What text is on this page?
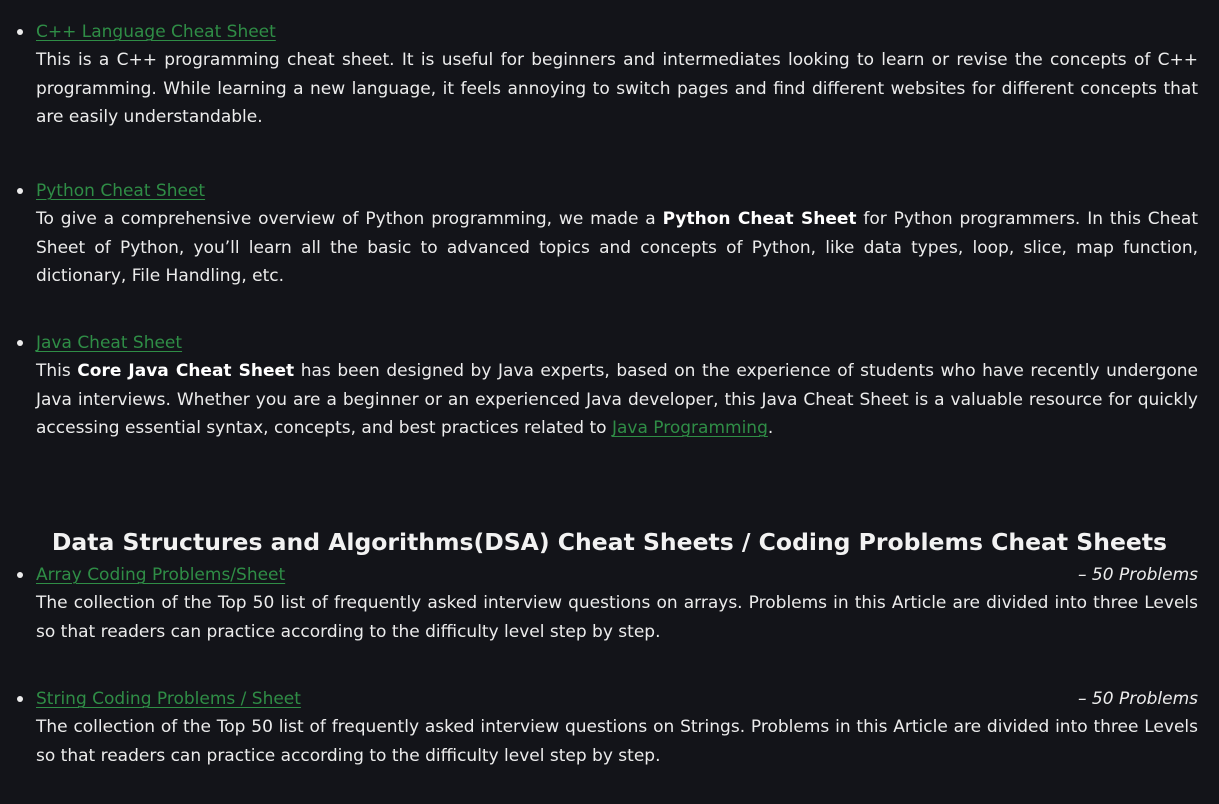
C++ Language Cheat Sheet

This is a C++ programming cheat sheet. It is useful for beginners and intermediates looking to learn or revise the concepts of C++ programming. While learning a new language, it feels annoying to switch pages and find different websites for different concepts that are easily understandable.

Python Cheat Sheet

To give a comprehensive overview of Python programming, we made a Python Cheat Sheet for Python programmers. In this Cheat Sheet of Python, you’ll learn all the basic to advanced topics and concepts of Python, like data types, loop, slice, map function, dictionary, File Handling, etc.

Java Cheat Sheet

This Core Java Cheat Sheet has been designed by Java experts, based on the experience of students who have recently undergone Java interviews. Whether you are a beginner or an experienced Java developer, this Java Cheat Sheet is a valuable resource for quickly accessing essential syntax, concepts, and best practices related to Java Programming.

Data Structures and Algorithms(DSA) Cheat Sheets / Coding Problems Cheat Sheets
Array Coding Problems/Sheet	– 50 Problems

The collection of the Top 50 list of frequently asked interview questions on arrays. Problems in this Article are divided into three Levels so that readers can practice according to the difficulty level step by step.

String Coding Problems / Sheet	– 50 Problems

The collection of the Top 50 list of frequently asked interview questions on Strings. Problems in this Article are divided into three Levels so that readers can practice according to the difficulty level step by step.
